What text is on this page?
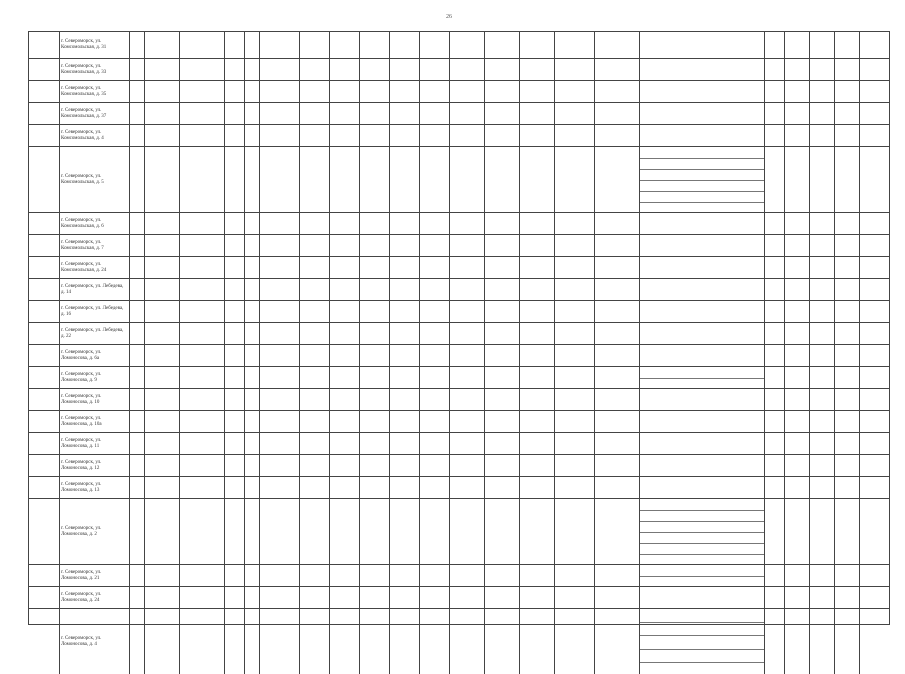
26
г. Североморск, ул. Комсомольская, д. 31
г. Североморск, ул. Комсомольская, д. 33
г. Североморск, ул. Комсомольская, д. 35
г. Североморск, ул. Комсомольская, д. 37
г. Североморск, ул. Комсомольская, д. 4
г. Североморск, ул. Комсомольская, д. 5
г. Североморск, ул. Комсомольская, д. 6
г. Североморск, ул. Комсомольская, д. 7
г. Североморск, ул. Комсомольская, д. 24
г. Североморск, ул. Лебедева, д. 14
г. Североморск, ул. Лебедева, д. 16
г. Североморск, ул. Лебедева, д. 22
г. Североморск, ул. Ломоносова, д. 6а
г. Североморск, ул. Ломоносова, д. 9
г. Североморск, ул. Ломоносова, д. 10
г. Североморск, ул. Ломоносова, д. 10а
г. Североморск, ул. Ломоносова, д. 11
г. Североморск, ул. Ломоносова, д. 12
г. Североморск, ул. Ломоносова, д. 13
г. Североморск, ул. Ломоносова, д. 2
г. Североморск, ул. Ломоносова, д. 21
г. Североморск, ул. Ломоносова, д. 24
г. Североморск, ул. Ломоносова, д. 4
